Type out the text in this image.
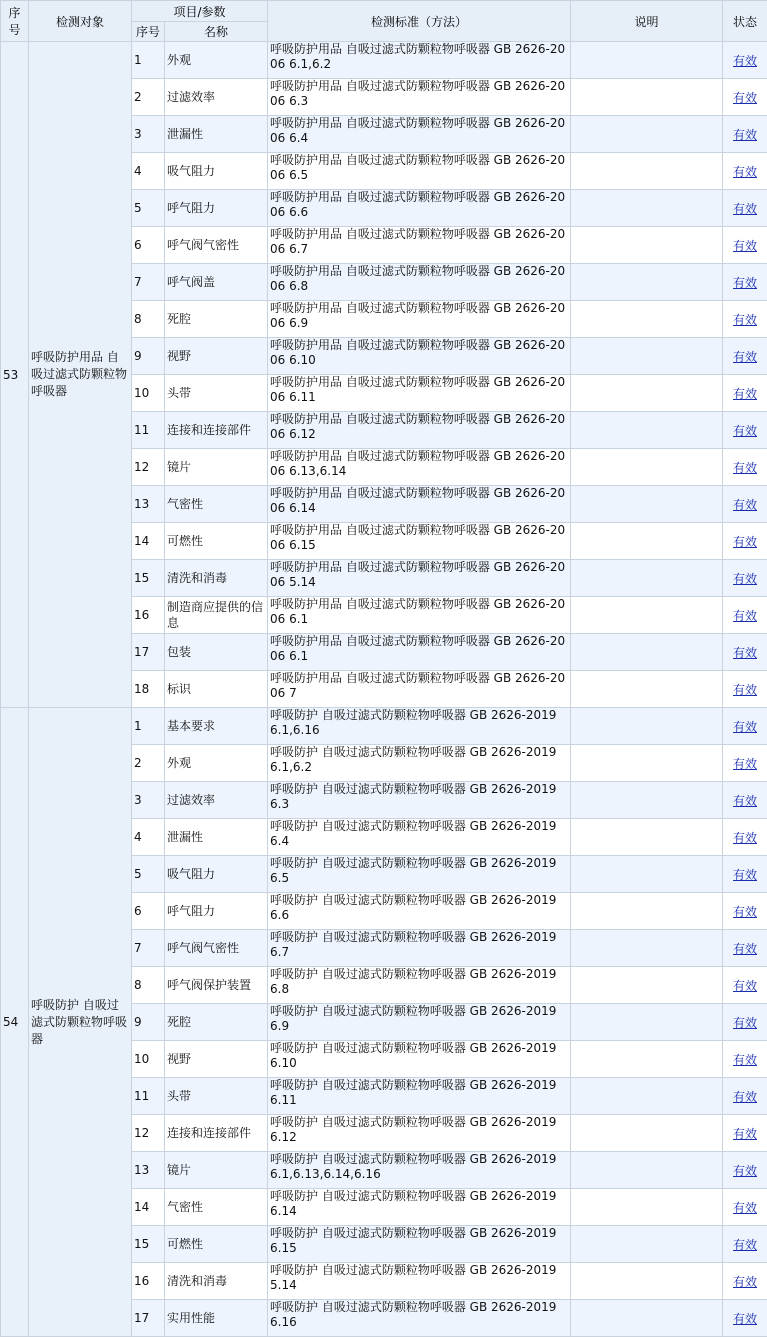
序号	检测对象	项目/参数		检测标准（方法）	说明	状态
		序号	名称			
53	呼吸防护用品 自吸过滤式防颗粒物呼吸器	1	外观	呼吸防护用品 自吸过滤式防颗粒物呼吸器 GB 2626-2006 6.1,6.2		有效
		2	过滤效率	呼吸防护用品 自吸过滤式防颗粒物呼吸器 GB 2626-2006 6.3		有效
		3	泄漏性	呼吸防护用品 自吸过滤式防颗粒物呼吸器 GB 2626-2006 6.4		有效
		4	吸气阻力	呼吸防护用品 自吸过滤式防颗粒物呼吸器 GB 2626-2006 6.5		有效
		5	呼气阻力	呼吸防护用品 自吸过滤式防颗粒物呼吸器 GB 2626-2006 6.6		有效
		6	呼气阀气密性	呼吸防护用品 自吸过滤式防颗粒物呼吸器 GB 2626-2006 6.7		有效
		7	呼气阀盖	呼吸防护用品 自吸过滤式防颗粒物呼吸器 GB 2626-2006 6.8		有效
		8	死腔	呼吸防护用品 自吸过滤式防颗粒物呼吸器 GB 2626-2006 6.9		有效
		9	视野	呼吸防护用品 自吸过滤式防颗粒物呼吸器 GB 2626-2006 6.10		有效
		10	头带	呼吸防护用品 自吸过滤式防颗粒物呼吸器 GB 2626-2006 6.11		有效
		11	连接和连接部件	呼吸防护用品 自吸过滤式防颗粒物呼吸器 GB 2626-2006 6.12		有效
		12	镜片	呼吸防护用品 自吸过滤式防颗粒物呼吸器 GB 2626-2006 6.13,6.14		有效
		13	气密性	呼吸防护用品 自吸过滤式防颗粒物呼吸器 GB 2626-2006 6.14		有效
		14	可燃性	呼吸防护用品 自吸过滤式防颗粒物呼吸器 GB 2626-2006 6.15		有效
		15	清洗和消毒	呼吸防护用品 自吸过滤式防颗粒物呼吸器 GB 2626-2006 5.14		有效
		16	制造商应提供的信息	呼吸防护用品 自吸过滤式防颗粒物呼吸器 GB 2626-2006 6.1		有效
		17	包装	呼吸防护用品 自吸过滤式防颗粒物呼吸器 GB 2626-2006 6.1		有效
		18	标识	呼吸防护用品 自吸过滤式防颗粒物呼吸器 GB 2626-2006 7		有效
54	呼吸防护 自吸过滤式防颗粒物呼吸器	1	基本要求	呼吸防护 自吸过滤式防颗粒物呼吸器 GB 2626-2019 6.1,6.16		有效
		2	外观	呼吸防护 自吸过滤式防颗粒物呼吸器 GB 2626-2019 6.1,6.2		有效
		3	过滤效率	呼吸防护 自吸过滤式防颗粒物呼吸器 GB 2626-2019 6.3		有效
		4	泄漏性	呼吸防护 自吸过滤式防颗粒物呼吸器 GB 2626-2019 6.4		有效
		5	吸气阻力	呼吸防护 自吸过滤式防颗粒物呼吸器 GB 2626-2019 6.5		有效
		6	呼气阻力	呼吸防护 自吸过滤式防颗粒物呼吸器 GB 2626-2019 6.6		有效
		7	呼气阀气密性	呼吸防护 自吸过滤式防颗粒物呼吸器 GB 2626-2019 6.7		有效
		8	呼气阀保护装置	呼吸防护 自吸过滤式防颗粒物呼吸器 GB 2626-2019 6.8		有效
		9	死腔	呼吸防护 自吸过滤式防颗粒物呼吸器 GB 2626-2019 6.9		有效
		10	视野	呼吸防护 自吸过滤式防颗粒物呼吸器 GB 2626-2019 6.10		有效
		11	头带	呼吸防护 自吸过滤式防颗粒物呼吸器 GB 2626-2019 6.11		有效
		12	连接和连接部件	呼吸防护 自吸过滤式防颗粒物呼吸器 GB 2626-2019 6.12		有效
		13	镜片	呼吸防护 自吸过滤式防颗粒物呼吸器 GB 2626-2019 6.1,6.13,6.14,6.16		有效
		14	气密性	呼吸防护 自吸过滤式防颗粒物呼吸器 GB 2626-2019 6.14		有效
		15	可燃性	呼吸防护 自吸过滤式防颗粒物呼吸器 GB 2626-2019 6.15		有效
		16	清洗和消毒	呼吸防护 自吸过滤式防颗粒物呼吸器 GB 2626-2019 5.14		有效
		17	实用性能	呼吸防护 自吸过滤式防颗粒物呼吸器 GB 2626-2019 6.16		有效
